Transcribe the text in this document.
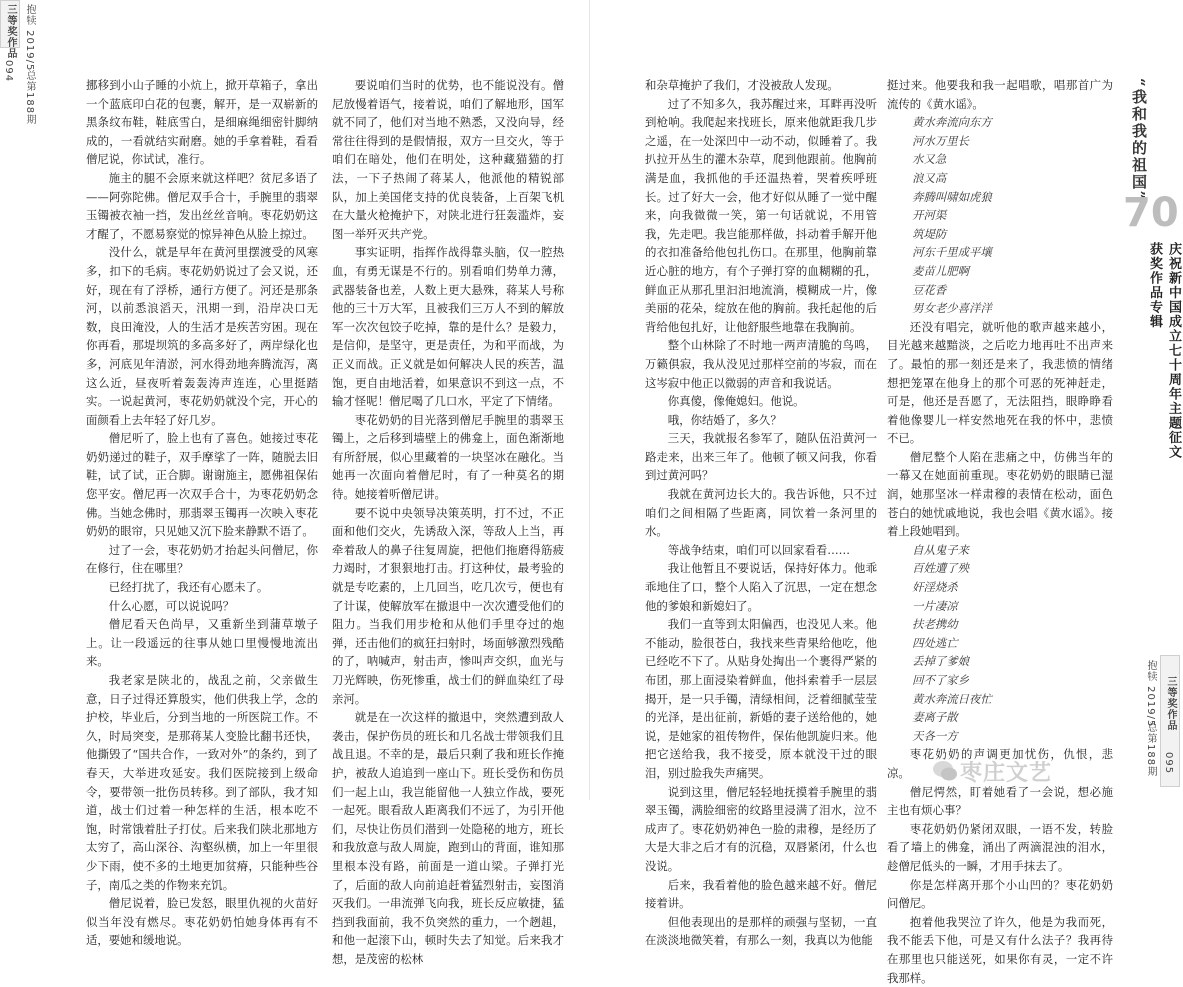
三等奖作品
094 抱犊 2019/5
总第188期
抱犊 2019/5
总第188期
三等奖作品
095

挪移到小山子睡的小炕上，掀开草箱子，拿出一个蓝底印白花的包裹，解开，是一双崭新的黑条纹布鞋，鞋底雪白，是细麻绳细密针脚纳成的，一看就结实耐磨。她的手拿着鞋，看看僧尼说，你试试，准行。

施主的腿不会原来就这样吧？贫尼多语了——阿弥陀佛。僧尼双手合十，手腕里的翡翠玉镯被衣袖一挡，发出丝丝音响。枣花奶奶这才醒了，不愿易察觉的惊异神色从脸上掠过。

没什么，就是早年在黄河里摆渡受的风寒多，扣下的毛病。枣花奶奶说过了会又说，还好，现在有了浮桥，通行方便了。河还是那条河，以前悉浪滔天，汛期一到，沿岸决口无数，良田淹没，人的生活才是疾苦穷困。现在你再看，那堤坝筑的多高多好了，两岸绿化也多，河底见年清淤，河水得劲地奔腾流泻，离这么近，昼夜听着轰轰涛声连连，心里挺踏实。一说起黄河，枣花奶奶就没个完，开心的面颜看上去年轻了好几岁。

僧尼听了，脸上也有了喜色。她接过枣花奶奶递过的鞋子，双手摩挲了一阵，随脱去旧鞋，试了试，正合脚。谢谢施主，愿佛祖保佑您平安。僧尼再一次双手合十，为枣花奶奶念佛。当她念佛时，那翡翠玉镯再一次映入枣花奶奶的眼帘，只见她又沉下脸来静默不语了。

过了一会，枣花奶奶才抬起头问僧尼，你在修行，住在哪里？

已经打扰了，我还有心愿未了。

什么心愿，可以说说吗？

僧尼看天色尚早，又重新坐到蒲草墩子上。让一段遥远的往事从她口里慢慢地流出来。

我老家是陕北的，战乱之前，父亲做生意，日子过得还算殷实，他们供我上学，念的护校，毕业后，分到当地的一所医院工作。不久，时局突变，是那蒋某人变脸比翻书还快，他撕毁了“国共合作，一致对外”的条约，到了春天，大举进攻延安。我们医院接到上级命令，要带领一批伤员转移。到了部队，我才知道，战士们过着一种怎样的生活，根本吃不饱，时常饿着肚子打仗。后来我们陕北那地方太穷了，高山深谷、沟壑纵横，加上一年里很少下雨，使不多的土地更加贫瘠，只能种些谷子，南瓜之类的作物来充饥。

僧尼说着，脸已发怒，眼里仇视的火苗好似当年没有燃尽。枣花奶奶怕她身体再有不适，要她和缓地说。

要说咱们当时的优势，也不能说没有。僧尼放慢着语气，接着说，咱们了解地形，国军就不同了，他们对当地不熟悉，又没向导，经常往往得到的是假情报，双方一旦交火，等于咱们在暗处，他们在明处，这种藏猫猫的打法，一下子热闹了蒋某人，他派他的精锐部队，加上美国佬支持的优良装备，上百架飞机在大量火枪掩护下，对陕北进行狂轰滥炸，妄图一举歼灭共产党。

事实证明，指挥作战得靠头脑，仅一腔热血，有勇无谋是不行的。别看咱们势单力薄，武器装备也差，人数上更大悬殊，蒋某人号称他的三十万大军，且被我们三万人不到的解放军一次次包饺子吃掉，靠的是什么？是毅力，是信仰，是坚守，更是责任，为和平而战，为正义而战。正义就是如何解决人民的疾苦，温饱，更自由地活着，如果意识不到这一点，不输才怪呢！僧尼喝了几口水，平定了下情绪。

枣花奶奶的目光落到僧尼手腕里的翡翠玉镯上，之后移到墙壁上的佛龛上，面色渐渐地有所舒展，似心里藏着的一块坚冰在融化。当她再一次面向着僧尼时，有了一种莫名的期待。她接着听僧尼讲。

要不说中央领导决策英明，打不过，不正面和他们交火，先诱敌入深，等敌人上当，再牵着敌人的鼻子往复周旋，把他们拖磨得筋疲力竭时，才狠狠地打击。打这种仗，最考验的就是专吃素的，上几回当，吃几次亏，便也有了计谋，使解放军在撤退中一次次遭受他们的阻力。当我们用步枪和从他们手里夺过的炮弹，还击他们的疯狂扫射时，场面够激烈残酷的了，呐喊声，射击声，惨叫声交织，血光与刀光辉映，伤死惨重，战士们的鲜血染红了母亲河。

就是在一次这样的撤退中，突然遭到敌人袭击，保护伤员的班长和几名战士带领我们且战且退。不幸的是，最后只剩了我和班长作掩护，被敌人追追到一座山下。班长受伤和伤员们一起上山，我岂能留他一人独立作战，要死一起死。眼看敌人距离我们不远了，为引开他们，尽快让伤员们潜到一处隐秘的地方，班长和我放意与敌人周旋，跑到山的背面，谁知那里根本没有路，前面是一道山梁。子弹打光了，后面的敌人向前追赶着猛烈射击，妄图消灭我们。一串流弹飞向我，班长反应敏捷，猛挡到我面前，我不负突然的重力，一个趔趄，和他一起滚下山，顿时失去了知觉。后来我才想，是茂密的松林

和杂草掩护了我们，才没被敌人发现。

过了不知多久，我苏醒过来，耳畔再没听到枪响。我爬起来找班长，原来他就距我几步之遥，在一处深凹中一动不动，似睡着了。我扒拉开丛生的灌木杂草，爬到他跟前。他胸前满是血，我抓他的手还温热着，哭着疾呼班长。过了好大一会，他才好似从睡了一觉中醒来，向我微微一笑，第一句话就说，不用管我，先走吧。我岂能那样做，抖动着手解开他的衣扣准备给他包扎伤口。在那里，他胸前靠近心脏的地方，有个子弹打穿的血糊糊的孔，鲜血正从那孔里汩汩地流淌，模糊成一片，像美丽的花朵，绽放在他的胸前。我托起他的后背给他包扎好，让他舒服些地靠在我胸前。

整个山林除了不时地一两声清脆的鸟鸣，万籁俱寂，我从没见过那样空前的岑寂，而在这岑寂中他正以微弱的声音和我说话。

你真傻，像俺媳妇。他说。

哦，你结婚了，多久？

三天，我就报名参军了，随队伍沿黄河一路走来，出来三年了。他顿了顿又问我，你看到过黄河吗？

我就在黄河边长大的。我告诉他，只不过咱们之间相隔了些距离，同饮着一条河里的水。

等战争结束，咱们可以回家看看……

我让他暂且不要说话，保持好体力。他乖乖地住了口，整个人陷入了沉思，一定在想念他的爹娘和新媳妇了。

我们一直等到太阳偏西，也没见人来。他不能动，脸很苍白，我找来些青果给他吃，他已经吃不下了。从贴身处掏出一个裹得严紧的布团，那上面浸染着鲜血，他抖索着手一层层揭开，是一只手镯，清绿相间，泛着细腻莹莹的光泽，是出征前，新婚的妻子送给他的，她说，是她家的祖传物件，保佑他凯旋归来。他把它送给我，我不接受，原本就没干过的眼泪，别过脸我失声痛哭。

说到这里，僧尼轻轻地抚摸着手腕里的翡翠玉镯，满脸细密的纹路里浸满了泪水，泣不成声了。枣花奶奶神色一脸的肃穆，是经历了大是大非之后才有的沉稳，双唇紧闭，什么也没说。

后来，我看着他的脸色越来越不好。僧尼接着讲。

但他表现出的是那样的顽强与坚韧，一直在淡淡地微笑着，有那么一刻，我真以为他能

挺过来。他要我和我一起唱歌，唱那首广为流传的《黄水谣》。

黄水奔流向东方
河水万里长
水又急
浪又高
奔腾叫啸如虎狼
开河渠
筑堤防
河东千里成平壤
麦苗儿肥啊
豆花香
男女老少喜洋洋

还没有唱完，就听他的歌声越来越小，目光越来越黯淡，之后吃力地再吐不出声来了。最怕的那一刻还是来了，我悲愤的情绪想把笼罩在他身上的那个可恶的死神赶走，可是，他还是吾愿了，无法阻挡，眼睁睁看着他像婴儿一样安然地死在我的怀中，悲愤不已。

僧尼整个人陷在悲痛之中，仿佛当年的一幕又在她面前重现。枣花奶奶的眼睛已湿润，她那坚冰一样肃穆的表情在松动，面色苍白的她忧戚地说，我也会唱《黄水谣》。接着上段她唱到。

自从鬼子来
百姓遭了殃
奸淫烧杀
一片凄凉
扶老携幼
四处逃亡
丢掉了爹娘
回不了家乡
黄水奔流日夜忙
妻离子散
天各一方

枣花奶奶的声调更加忧伤，仇恨，悲凉。

僧尼愕然，盯着她看了一会说，想必施主也有烦心事？

枣花奶奶仍紧闭双眼，一语不发，转脸看了墙上的佛龛，涌出了两滴混浊的泪水，趁僧尼低头的一瞬，才用手抹去了。

你是怎样离开那个小山凹的？枣花奶奶问僧尼。

抱着他我哭泣了许久，他是为我而死，我不能丢下他，可是又有什么法子？我再待在那里也只能送死，如果你有灵，一定不许我那样。

“我和我的祖国”
70
庆祝新中国成立七十周年主题征文获奖作品专辑
枣庄文艺
